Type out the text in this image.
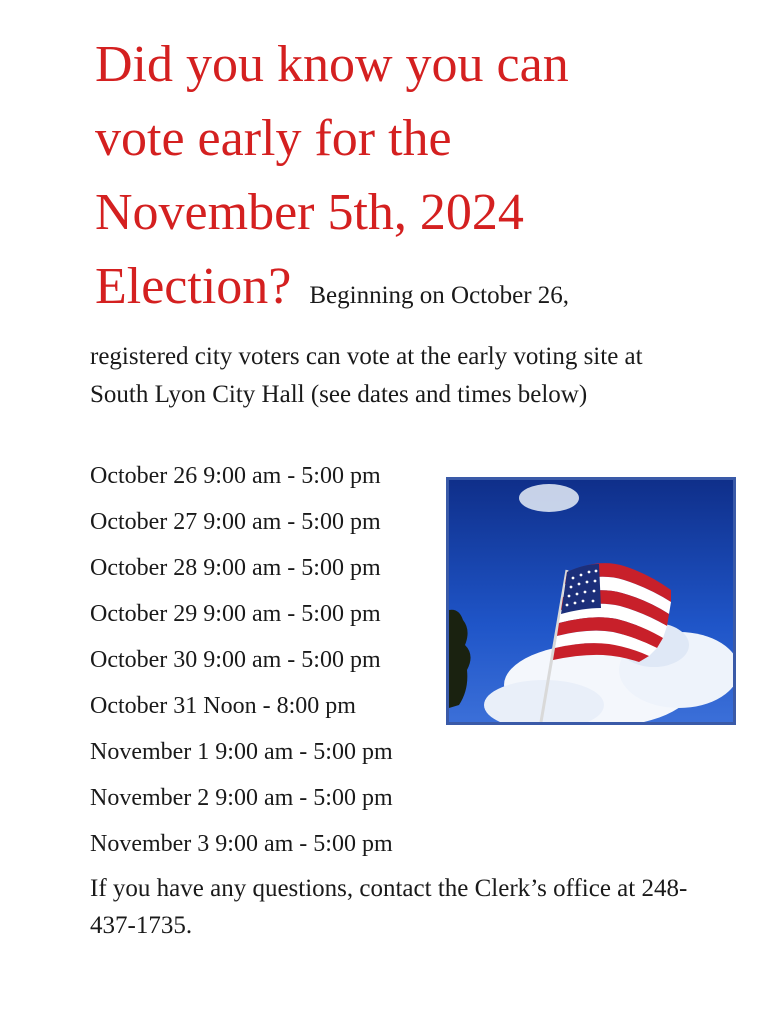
Did you know you can
vote early for the
November 5th, 2024
Election? Beginning on October 26,

registered city voters can vote at the early voting site at South Lyon City Hall (see dates and times below)

October 26 9:00 am - 5:00 pm
October 27 9:00 am - 5:00 pm
October 28 9:00 am - 5:00 pm
October 29 9:00 am - 5:00 pm
October 30 9:00 am - 5:00 pm
October 31 Noon - 8:00 pm
November 1 9:00 am - 5:00 pm
November 2 9:00 am - 5:00 pm
November 3 9:00 am - 5:00 pm

If you have any questions, contact the Clerk’s office at 248-437-1735.
